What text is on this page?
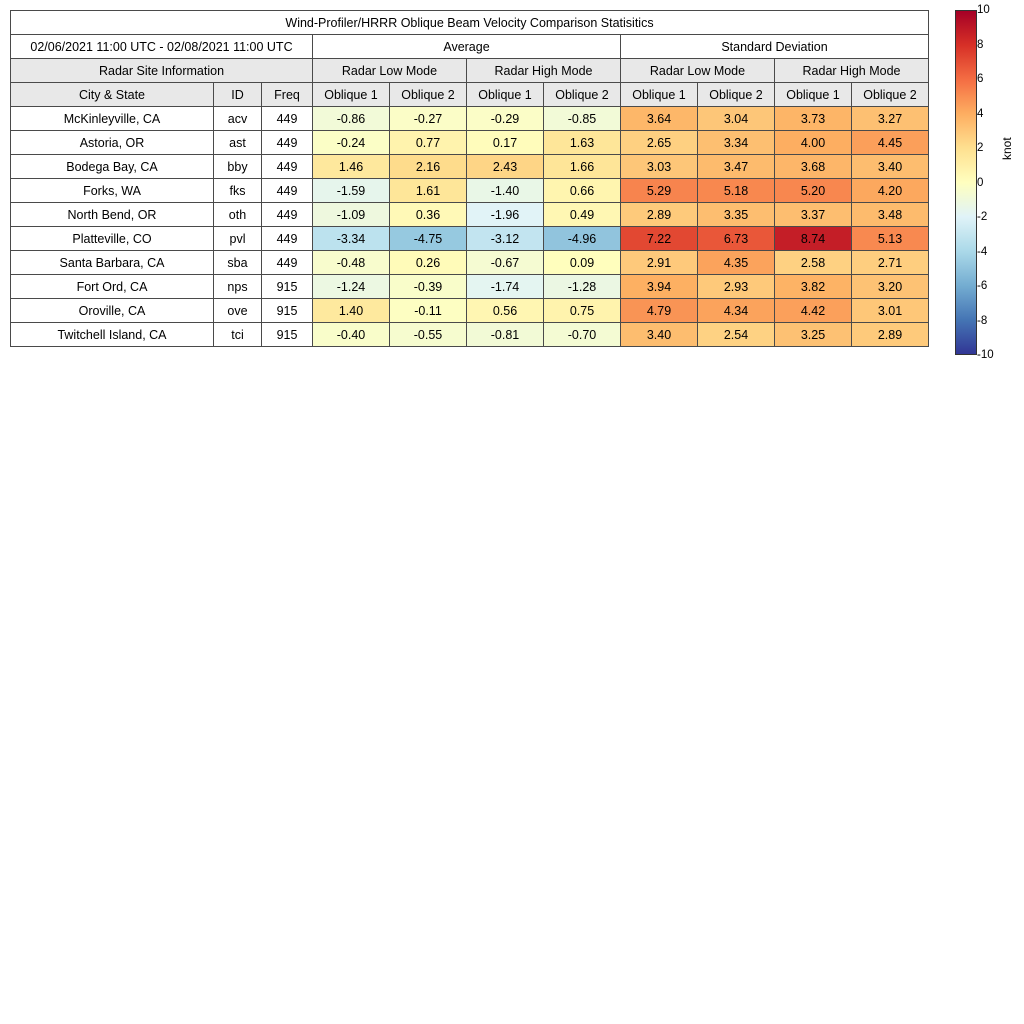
Wind-Profiler/HRRR Oblique Beam Velocity Comparison Statisitics										
02/06/2021 11:00 UTC - 02/08/2021 11:00 UTC			Average				Standard Deviation			
Radar Site Information			Radar Low Mode		Radar High Mode		Radar Low Mode		Radar High Mode	
City & State	ID	Freq	Oblique 1	Oblique 2	Oblique 1	Oblique 2	Oblique 1	Oblique 2	Oblique 1	Oblique 2
McKinleyville, CA	acv	449	-0.86	-0.27	-0.29	-0.85	3.64	3.04	3.73	3.27
Astoria, OR	ast	449	-0.24	0.77	0.17	1.63	2.65	3.34	4.00	4.45
Bodega Bay, CA	bby	449	1.46	2.16	2.43	1.66	3.03	3.47	3.68	3.40
Forks, WA	fks	449	-1.59	1.61	-1.40	0.66	5.29	5.18	5.20	4.20
North Bend, OR	oth	449	-1.09	0.36	-1.96	0.49	2.89	3.35	3.37	3.48
Platteville, CO	pvl	449	-3.34	-4.75	-3.12	-4.96	7.22	6.73	8.74	5.13
Santa Barbara, CA	sba	449	-0.48	0.26	-0.67	0.09	2.91	4.35	2.58	2.71
Fort Ord, CA	nps	915	-1.24	-0.39	-1.74	-1.28	3.94	2.93	3.82	3.20
Oroville, CA	ove	915	1.40	-0.11	0.56	0.75	4.79	4.34	4.42	3.01
Twitchell Island, CA	tci	915	-0.40	-0.55	-0.81	-0.70	3.40	2.54	3.25	2.89
10
8
6
4
2
0
-2
-4
-6
-8
-10
knot
